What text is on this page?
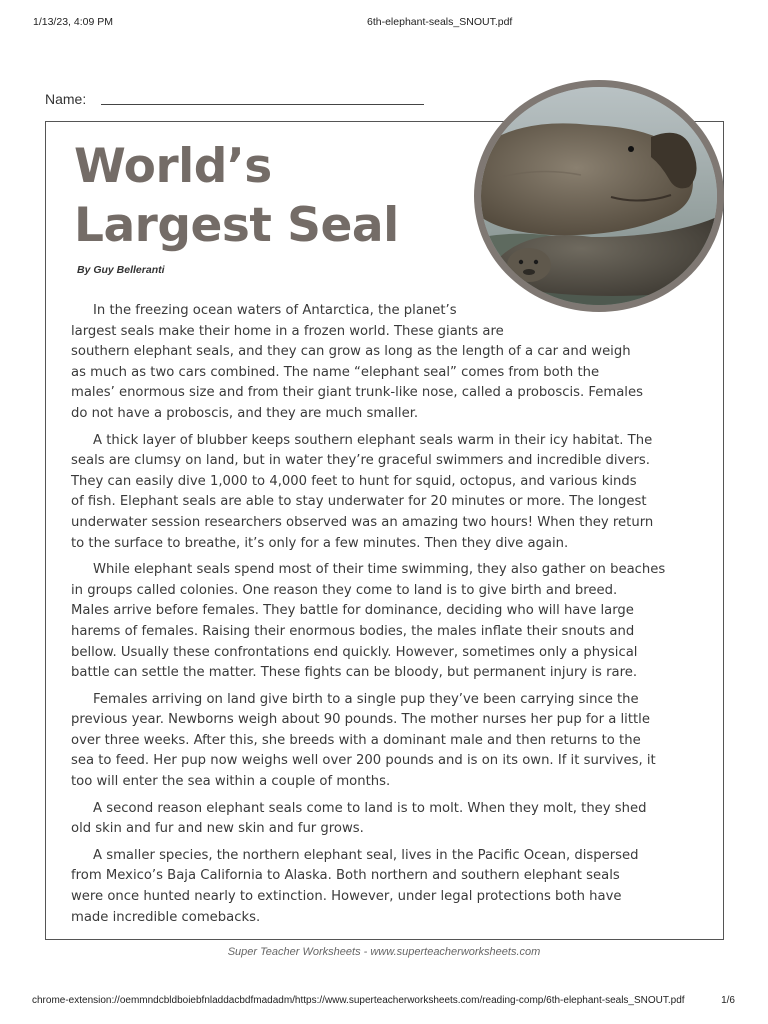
1/13/23, 4:09 PM	6th-elephant-seals_SNOUT.pdf
Name:
World’s
Largest Seal
By Guy Belleranti
In the freezing ocean waters of Antarctica, the planet’s
largest seals make their home in a frozen world. These giants are
southern elephant seals, and they can grow as long as the length of a car and weigh
as much as two cars combined. The name “elephant seal” comes from both the
males’ enormous size and from their giant trunk-like nose, called a proboscis. Females
do not have a proboscis, and they are much smaller.
A thick layer of blubber keeps southern elephant seals warm in their icy habitat. The
seals are clumsy on land, but in water they’re graceful swimmers and incredible divers.
They can easily dive 1,000 to 4,000 feet to hunt for squid, octopus, and various kinds
of fish. Elephant seals are able to stay underwater for 20 minutes or more. The longest
underwater session researchers observed was an amazing two hours! When they return
to the surface to breathe, it’s only for a few minutes. Then they dive again.
While elephant seals spend most of their time swimming, they also gather on beaches
in groups called colonies. One reason they come to land is to give birth and breed.
Males arrive before females. They battle for dominance, deciding who will have large
harems of females. Raising their enormous bodies, the males inflate their snouts and
bellow. Usually these confrontations end quickly. However, sometimes only a physical
battle can settle the matter. These fights can be bloody, but permanent injury is rare.
Females arriving on land give birth to a single pup they’ve been carrying since the
previous year. Newborns weigh about 90 pounds. The mother nurses her pup for a little
over three weeks. After this, she breeds with a dominant male and then returns to the
sea to feed. Her pup now weighs well over 200 pounds and is on its own. If it survives, it
too will enter the sea within a couple of months.
A second reason elephant seals come to land is to molt. When they molt, they shed
old skin and fur and new skin and fur grows.
A smaller species, the northern elephant seal, lives in the Pacific Ocean, dispersed
from Mexico’s Baja California to Alaska. Both northern and southern elephant seals
were once hunted nearly to extinction. However, under legal protections both have
made incredible comebacks.
Super Teacher Worksheets - www.superteacherworksheets.com
chrome-extension://oemmndcbldboiebfnladdacbdfmadadm/https://www.superteacherworksheets.com/reading-comp/6th-elephant-seals_SNOUT.pdf	1/6
